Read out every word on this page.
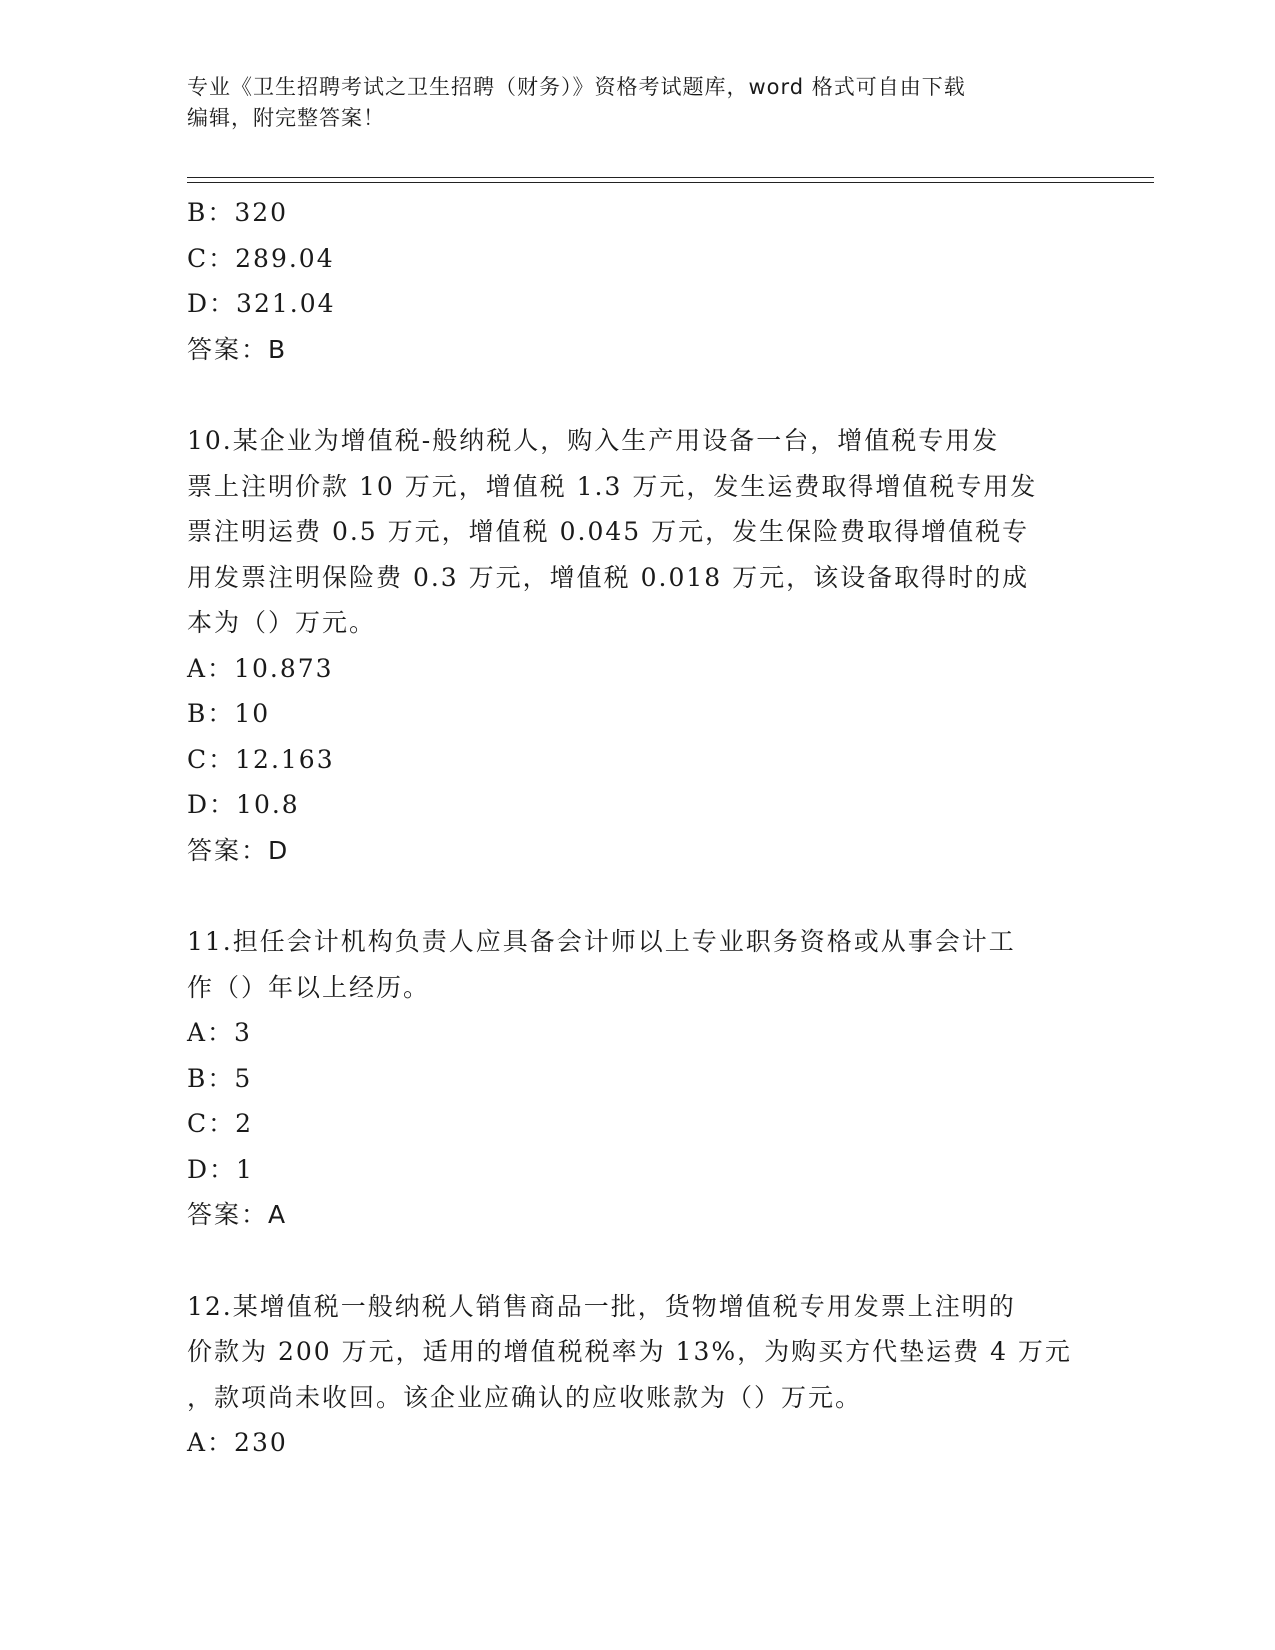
专业《卫生招聘考试之卫生招聘（财务）》资格考试题库，word 格式可自由下载
编辑，附完整答案！
B：320
C：289.04
D：321.04
答案：B
10.某企业为增值税-般纳税人，购入生产用设备一台，增值税专用发
票上注明价款 10 万元，增值税 1.3 万元，发生运费取得增值税专用发
票注明运费 0.5 万元，增值税 0.045 万元，发生保险费取得增值税专
用发票注明保险费 0.3 万元，增值税 0.018 万元，该设备取得时的成
本为（）万元。
A：10.873
B：10
C：12.163
D：10.8
答案：D
11.担任会计机构负责人应具备会计师以上专业职务资格或从事会计工
作（）年以上经历。
A：3
B：5
C：2
D：1
答案：A
12.某增值税一般纳税人销售商品一批，货物增值税专用发票上注明的
价款为 200 万元，适用的增值税税率为 13%，为购买方代垫运费 4 万元
，款项尚未收回。该企业应确认的应收账款为（）万元。
A：230
